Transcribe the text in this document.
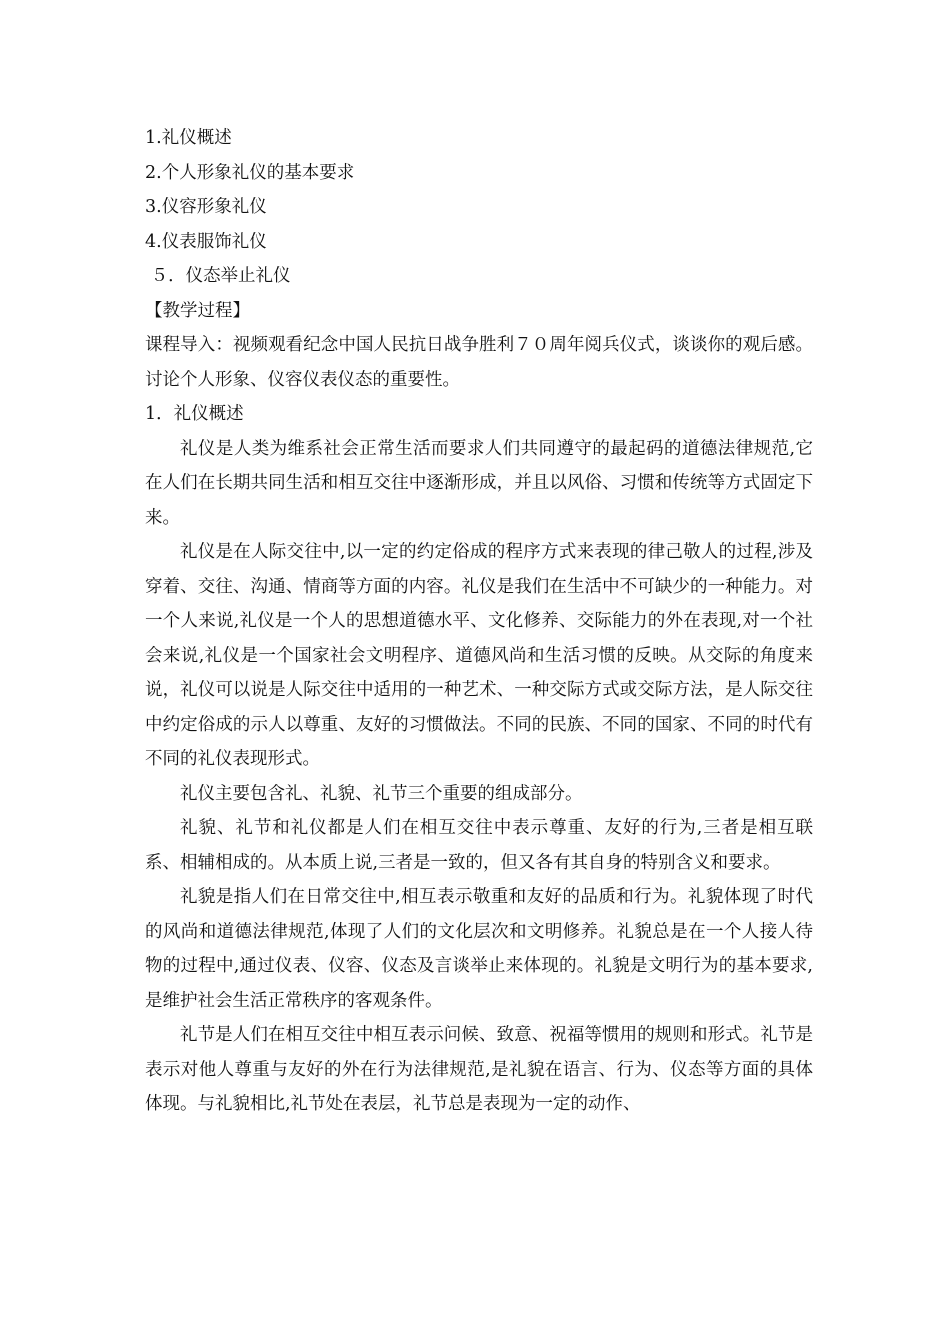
1.礼仪概述

2.个人形象礼仪的基本要求

3.仪容形象礼仪

4.仪表服饰礼仪

５．仪态举止礼仪

【教学过程】

课程导入：视频观看纪念中国人民抗日战争胜利７０周年阅兵仪式，谈谈你的观后感。讨论个人形象、仪容仪表仪态的重要性。

1．礼仪概述

礼仪是人类为维系社会正常生活而要求人们共同遵守的最起码的道德法律规范,它在人们在长期共同生活和相互交往中逐渐形成，并且以风俗、习惯和传统等方式固定下来。

礼仪是在人际交往中,以一定的约定俗成的程序方式来表现的律己敬人的过程,涉及穿着、交往、沟通、情商等方面的内容。礼仪是我们在生活中不可缺少的一种能力。对一个人来说,礼仪是一个人的思想道德水平、文化修养、交际能力的外在表现,对一个社会来说,礼仪是一个国家社会文明程序、道德风尚和生活习惯的反映。从交际的角度来说，礼仪可以说是人际交往中适用的一种艺术、一种交际方式或交际方法，是人际交往中约定俗成的示人以尊重、友好的习惯做法。不同的民族、不同的国家、不同的时代有不同的礼仪表现形式。

礼仪主要包含礼、礼貌、礼节三个重要的组成部分。

礼貌、礼节和礼仪都是人们在相互交往中表示尊重、友好的行为,三者是相互联系、相辅相成的。从本质上说,三者是一致的，但又各有其自身的特别含义和要求。

礼貌是指人们在日常交往中,相互表示敬重和友好的品质和行为。礼貌体现了时代的风尚和道德法律规范,体现了人们的文化层次和文明修养。礼貌总是在一个人接人待物的过程中,通过仪表、仪容、仪态及言谈举止来体现的。礼貌是文明行为的基本要求,是维护社会生活正常秩序的客观条件。

礼节是人们在相互交往中相互表示问候、致意、祝福等惯用的规则和形式。礼节是表示对他人尊重与友好的外在行为法律规范,是礼貌在语言、行为、仪态等方面的具体体现。与礼貌相比,礼节处在表层，礼节总是表现为一定的动作、
